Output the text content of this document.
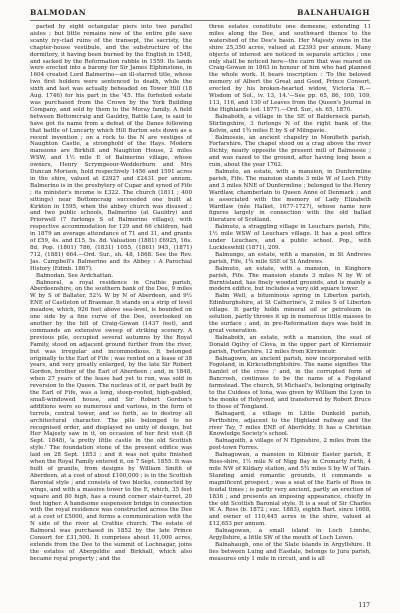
BALMODAN	BALNAHUAIGH

parted by eight octangular piers into two parallel aisles ; but little remains now of the entire pile save scanty ivy-clad ruins of the transept, the sacristy, the chapter-house vestibule, and the substructure of the dormitory, it having been burned by the English in 1548, and sacked by the Reformation rabble in 1559. Its lands were erected into a barony for Sir James Elphinstone, in 1604 created Lord Balmerino—an ill-starred title, whose two first holders were sentenced to death, while the sixth and last was actually beheaded on Tower Hill (18 Aug. 1746) for his part in the '45. His forfeited estate was purchased from the Crown by the York Building Company, and sold by them to the Moray family. A field between Bottomcraig and Gauldry, Battle Law, is said to have got its name from a defeat of the Danes following that battle of Luncarty which Hill Burton sets down as a recent invention ; on a rock to the N are vestiges of Naughton Castle, a stronghold of the Hays. Modern mansions are Birkhill and Naughton House, 2 miles WSW, and 1½ mile E of Balmerino village, whose owners, Henry Scrymgeour-Wedderburn and Mrs Duncan Morison, hold respectively 1456 and 1591 acres in the shire, valued at £2927 and £2431 per annum. Balmerino is in the presbytery of Cupar and synod of Fife ; its minister's income is £322. The church (1811 ; 400 sittings) near Bottomcraig succeeded one built at Kirkton in 1595, when the abbey church was disused ; and two public schools, Balmerino (at Gauldry) and Priorwell (7 furlongs S of Balmerino village), with respective accommodation for 129 and 66 children, had in 1879 an average attendance of 71 and 31, and grants of £59, 4s. and £15, 5s. 8d. Valuation (1881) £6925, 16s. 8d. Pop. (1801) 786, (1831) 1055, (1861) 945, (1871) 712, (1881) 664.—Ord. Sur., sh. 48, 1868. See the Rev. Jas. Campbell's Balmerino and its Abbey : A Parochial History (Edinb. 1867).

Balmodan. See Ardchattan.

Balmoral, a royal residence in Crathie parish, Aberdeenshire, on the southern bank of the Dee, 9 miles W by S of Ballater, 52¼ W by N of Aberdeen, and 9½ ENE of Castleton of Braemar. It stands on a strip of level meadow, which, 926 feet above sea-level, is bounded on one side by a fine curve of the Dee, overlooked on another by the hill of Craig-Gowan (1437 feet), and commands an extensive sweep of striking scenery. A previous pile, occupied several autumns by the Royal Family, stood on adjacent ground further from the river, but was irregular and incommodious. It belonged originally to the Earl of Fife ; was rented on a lease of 38 years, and very greatly enlarged, by the late Sir Robert Gordon, brother of the Earl of Aberdeen ; and, in 1848, when 27 years of the lease had yet to run, was sold in reversion to the Queen. The nucleus of it, or part built by the Earl of Fife, was a long, steep-roofed, high-gabled, small-windowed house, and Sir Robert Gordon's additions were so numerous and various, in the form of turrets, central tower, and so forth, as to destroy all architectural character. The pile belonged to no recognised order, and displayed no unity of design, but Her Majesty saw in it, on occasion of her first visit (8 Sept. 1848), 'a pretty little castle in the old Scottish style.' The foundation stone of the present edifice was laid on 28 Sept. 1853 ; and it was not quite finished when the Royal Family entered it, on 7 Sept. 1855. It was built of granite, from designs by William Smith of Aberdeen, at a cost of about £100,000 ; is in the Scottish Baronial style ; and consists of two blocks, connected by wings, and with a massive tower to the E, which, 35 feet square and 80 high, has a round corner stair-turret, 20 feet higher. A handsome suspension bridge in connection with the royal residence was constructed across the Dee at a cost of £5000, and forms a communication with the N side of the river at Crathie church. The estate of Balmoral was purchased in 1852 by the late Prince Consort for £31,500. It comprises about 11,000 acres, extends from the Dee to the summit of Lochnagar, joins the estates of Abergeldie and Birkhall, which also became royal property ; and the

three estates constitute one demesne, extending 11 miles along the Dee, and southward thence to the watershed of the Dee's basin. Her Majesty owns in the shire 25,350 acres, valued at £2393 per annum. Many objects of interest are noticed in separate articles ; one only shall be noticed here—the cairn that was reared on Craig-Gowan in 1863 in honour of him who had planned the whole work. It bears inscription : 'To the beloved memory of Albert the Great and Good, Prince Consort, erected by his broken-hearted widow, Victoria R.—Wisdom of Sol., iv. 13, 14.'—See pp. 65, 86, 100, 109, 113, 116, and 130 of Leaves from the Queen's Journal in the Highlands (ed. 1877).—Ord. Sur., sh. 65, 1870.

Balnaboth, a village in the SE of Balderneck parish, Stirlingshire, 3 furlongs N of the right bank of the Kelvin, and 1¾ miles E by S of Milngavie.

Balmossie, an ancient chapelry in Monifieth parish, Forfarshire. The chapel stood on a crag above the river Dichty, nearly opposite the present mill of Balmossie ; and was razed to the ground, after having long been a ruin, about the year 1762.

Balmuto, an estate, with a mansion, in Dunfermline parish, Fife. The mansion stands 3 mile W of Loch Fitty and 3 miles NNE of Dunfermline ; belonged to the Henry Wardlaw, chamberlain to Queen Anne of Denmark ; and is associated with the memory of Lady Elizabeth Wardlaw (née Halket, 1677-1727), whose name now figures largely in connection with the old ballad literature of Scotland.

Balmuto, a straggling village in Leuchars parish, Fife, 1½ mile WSW of Leuchars village. It has a post office under Leuchars, and a public school. Pop., with Luckleswhill (1871), 209.

Balmungo, an estate, with a mansion, in St Andrews parish, Fife, 1¾ mile SSE of St Andrews.

Balmuto, an estate, with a mansion, in Kinghorn parish, Fife. The mansion stands 3 miles N by W of Burntisland, has finely wooded grounds, and is mainly a modern edifice, but includes a very old square tower.

Balm Well, a bituminous spring in Liberton parish, Edinburghshire, at St Catherine's, 2 miles S of Liberton village. It partly holds mineral oil or petroleum in solution, partly throws it up in numerous little masses to the surface ; and, in pre-Reformation days was held in great veneration.

Balnaboth, an estate, with a mansion, the seat of Donald Ogilvy of Clova, in the upper part of Kirriemuir parish, Forfarshire, 12 miles from Kirriemuir.

Balnagown, an ancient parish, now incorporated with Fogoland, in Kirkcudbrightshire. The name signifies 'the hamlet of the cross ;' and, in the corrupted form of Bancrosh, continues to be the name of a Fogoland farmstead. The church, St Michael's, belonging originally to the Culdees of Iona, was given by William the Lyon to the monks of Holyrood, and transferred by Robert Bruce to those of Tongland.

Balnagard, a village in Little Dunkeld parish, Perthshire, adjacent to the Highland railway and the river Tay, 7 miles ENE of Aberfeldy. It has a Christian Knowledge Society's school.

Balnagoith, a village of N Elginshire, 2 miles from the post-town Forres.

Balnagowan, a mansion in Kilmuir Easter parish, E Ross-shire, 1½ mile N of Nigg Bay in Cromarty Firth, 4 mile NW of Kildary station, and 5¾ miles S by W of Tain. Standing amid romantic grounds, it commands a magnificent prospect ; was a seat of the Earls of Ross in feudal times ; is partly very ancient, partly an erection of 1836 ; and presents an imposing appearance, chiefly in the old Scottish Baronial style. It is a seat of Sir Charles W. A. Ross (b. 1872 ; suc. 1883), eighth Bart. since 1668, and owner of 110,445 acres in the shire, valued at £12,653 per annum.

Balnagowan, a small island in Loch Linnhe, Argyllshire, a little SW of the mouth of Loch Leven.

Balnahaugh, one of the Slate islands in Argyllshire. It lies between Luing and Easdale, belongs to Jura parish, measures only 1 mile in circuit, and is all

117
